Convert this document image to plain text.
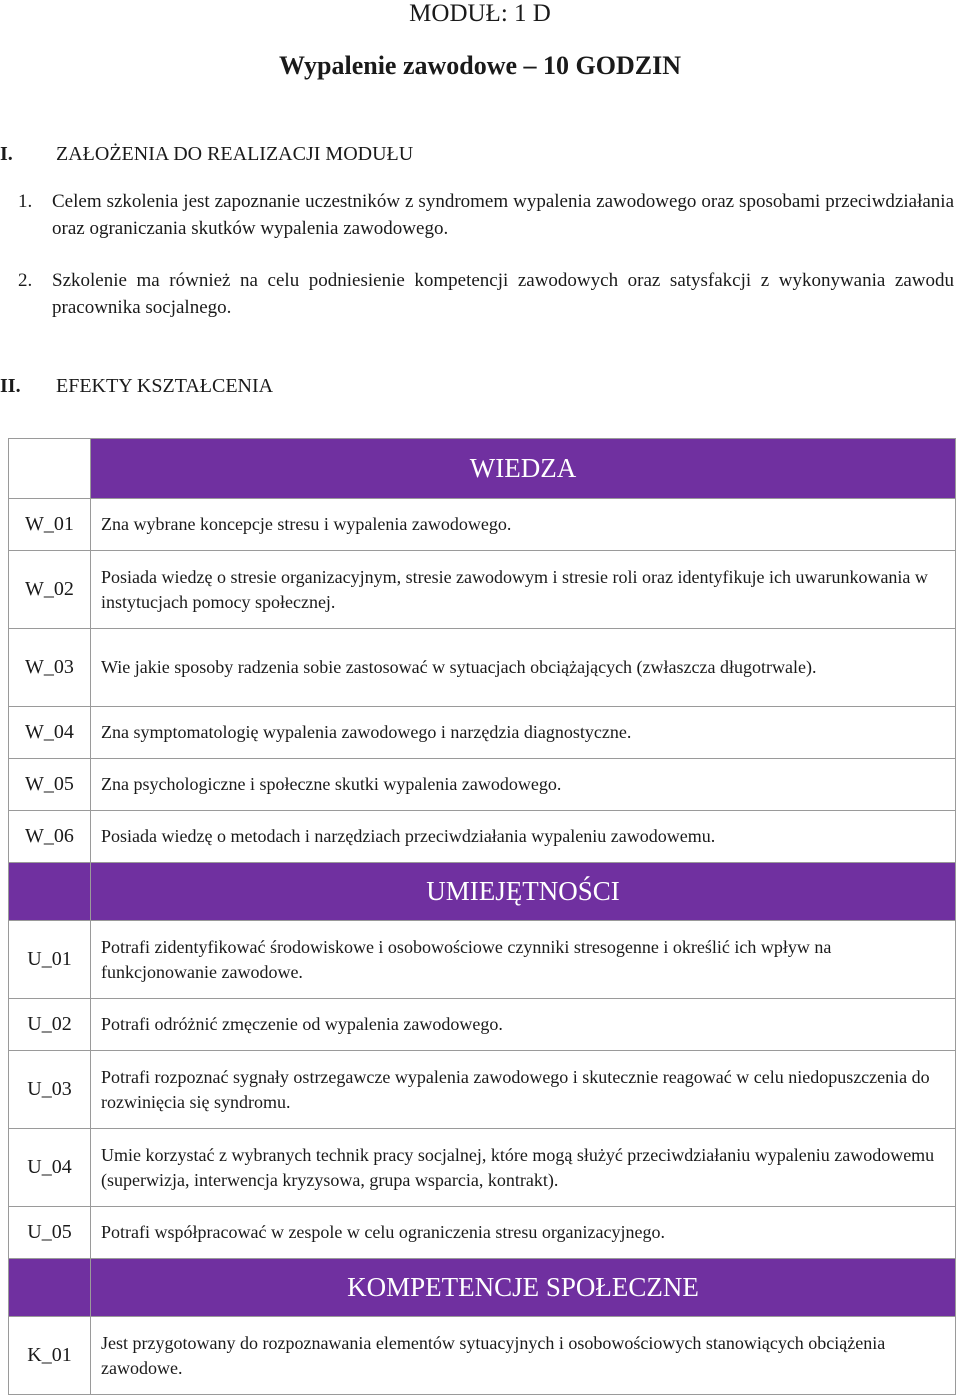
MODUŁ: 1 D
Wypalenie zawodowe – 10 GODZIN
I. ZAŁOŻENIA DO REALIZACJI MODUŁU
1. Celem szkolenia jest zapoznanie uczestników z syndromem wypalenia zawodowego oraz sposobami przeciwdziałania oraz ograniczania skutków wypalenia zawodowego.
2. Szkolenie ma również na celu podniesienie kompetencji zawodowych oraz satysfakcji z wykonywania zawodu pracownika socjalnego.
II. EFEKTY KSZTAŁCENIA
	WIEDZA
W_01	Zna wybrane koncepcje stresu i wypalenia zawodowego.
W_02	Posiada wiedzę o stresie organizacyjnym, stresie zawodowym i stresie roli oraz identyfikuje ich uwarunkowania w instytucjach pomocy społecznej.
W_03	Wie jakie sposoby radzenia sobie zastosować w sytuacjach obciążających (zwłaszcza długotrwale).
W_04	Zna symptomatologię wypalenia zawodowego i narzędzia diagnostyczne.
W_05	Zna psychologiczne i społeczne skutki wypalenia zawodowego.
W_06	Posiada wiedzę o metodach i narzędziach przeciwdziałania wypaleniu zawodowemu.
	UMIEJĘTNOŚCI
U_01	Potrafi zidentyfikować środowiskowe i osobowościowe czynniki stresogenne i określić ich wpływ na funkcjonowanie zawodowe.
U_02	Potrafi odróżnić zmęczenie od wypalenia zawodowego.
U_03	Potrafi rozpoznać sygnały ostrzegawcze wypalenia zawodowego i skutecznie reagować w celu niedopuszczenia do rozwinięcia się syndromu.
U_04	Umie korzystać z wybranych technik pracy socjalnej, które mogą służyć przeciwdziałaniu wypaleniu zawodowemu (superwizja, interwencja kryzysowa, grupa wsparcia, kontrakt).
U_05	Potrafi współpracować w zespole w celu ograniczenia stresu organizacyjnego.
	KOMPETENCJE SPOŁECZNE
K_01	Jest przygotowany do rozpoznawania elementów sytuacyjnych i osobowościowych stanowiących obciążenia zawodowe.
